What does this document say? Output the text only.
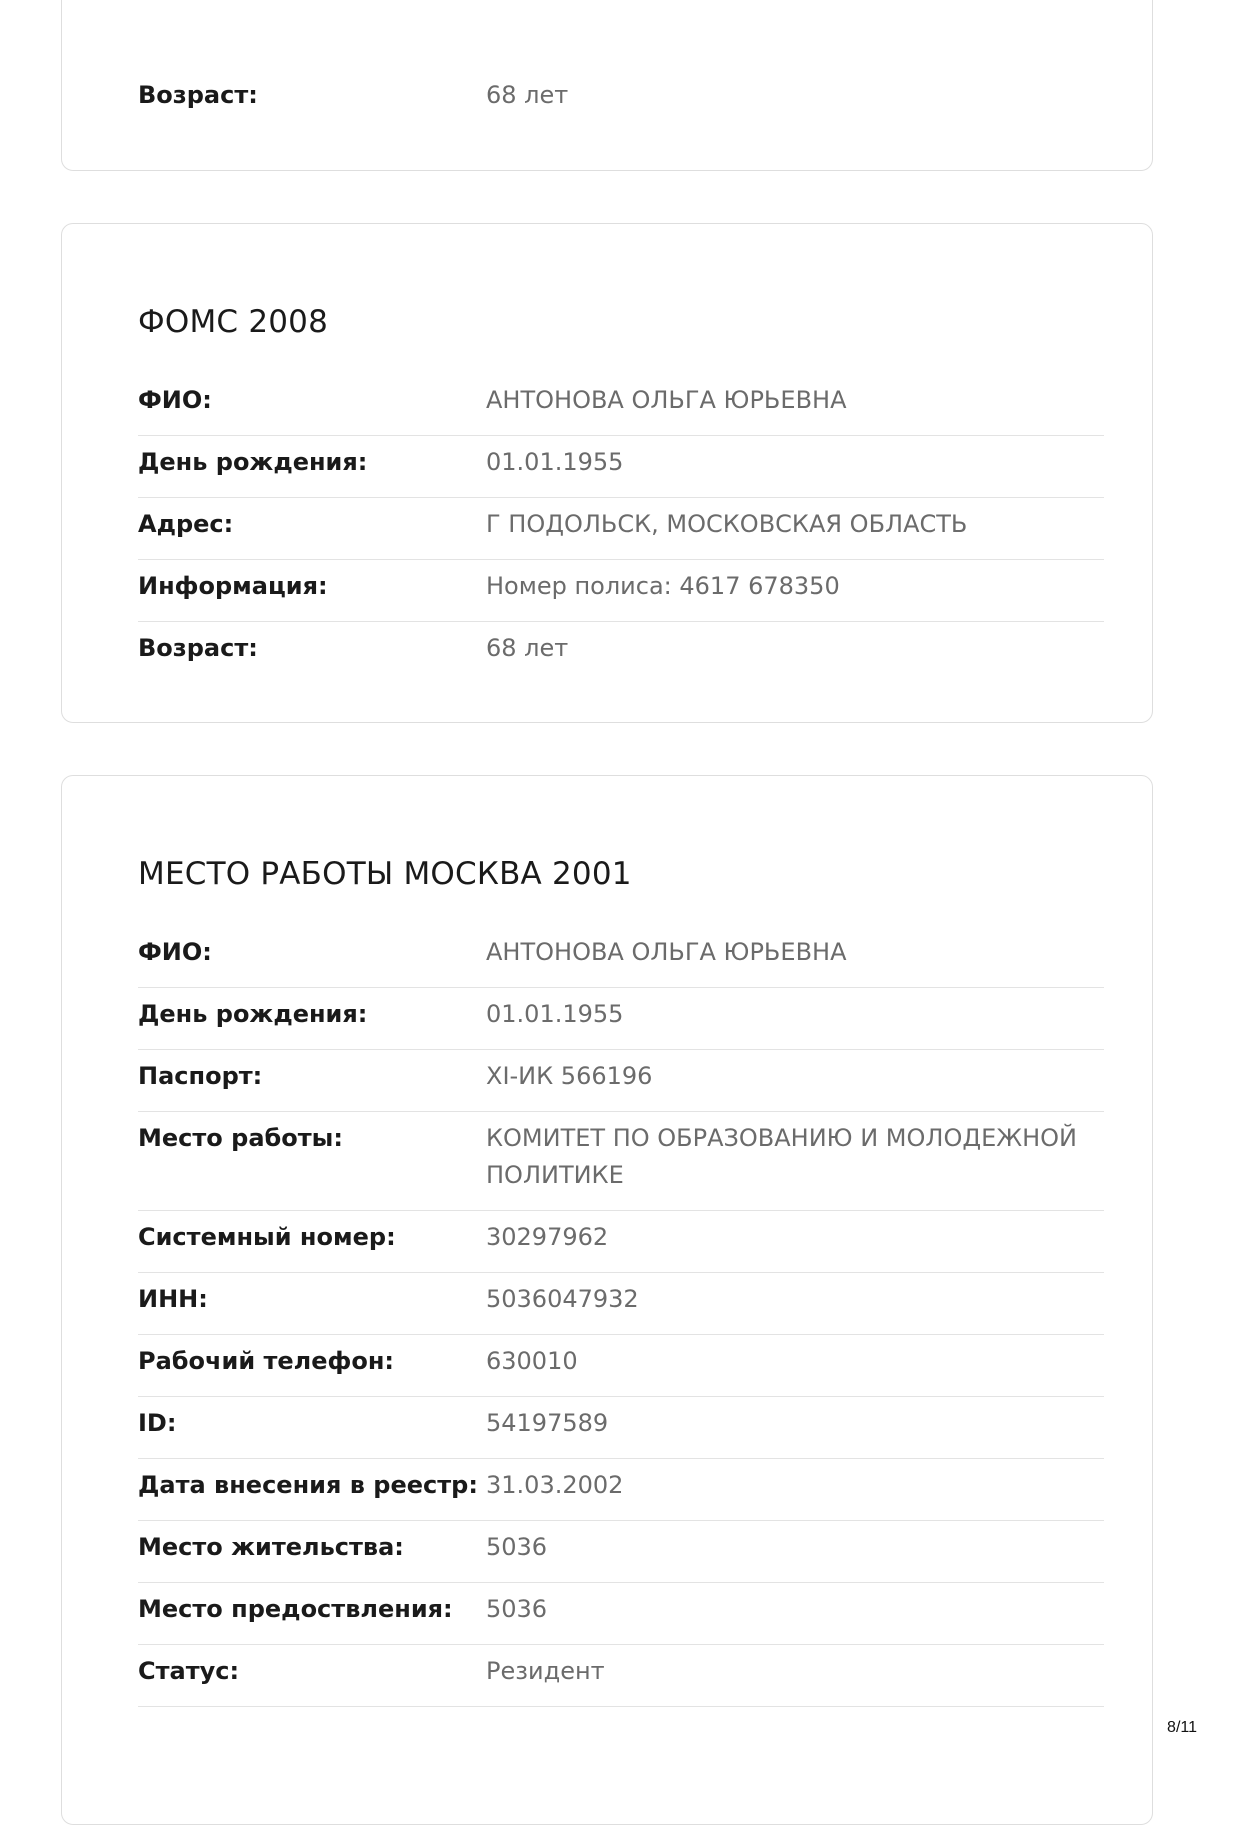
Возраст:	68 лет
ФОМС 2008
ФИО:	АНТОНОВА ОЛЬГА ЮРЬЕВНА
День рождения:	01.01.1955
Адрес:	Г ПОДОЛЬСК, МОСКОВСКАЯ ОБЛАСТЬ
Информация:	Номер полиса: 4617 678350
Возраст:	68 лет
МЕСТО РАБОТЫ МОСКВА 2001
ФИО:	АНТОНОВА ОЛЬГА ЮРЬЕВНА
День рождения:	01.01.1955
Паспорт:	XI-ИК 566196
Место работы:	КОМИТЕТ ПО ОБРАЗОВАНИЮ И МОЛОДЕЖНОЙ ПОЛИТИКЕ
Системный номер:	30297962
ИНН:	5036047932
Рабочий телефон:	630010
ID:	54197589
Дата внесения в реестр: 31.03.2002
Место жительства:	5036
Место предоствления:	5036
Статус:	Резидент
8/11
